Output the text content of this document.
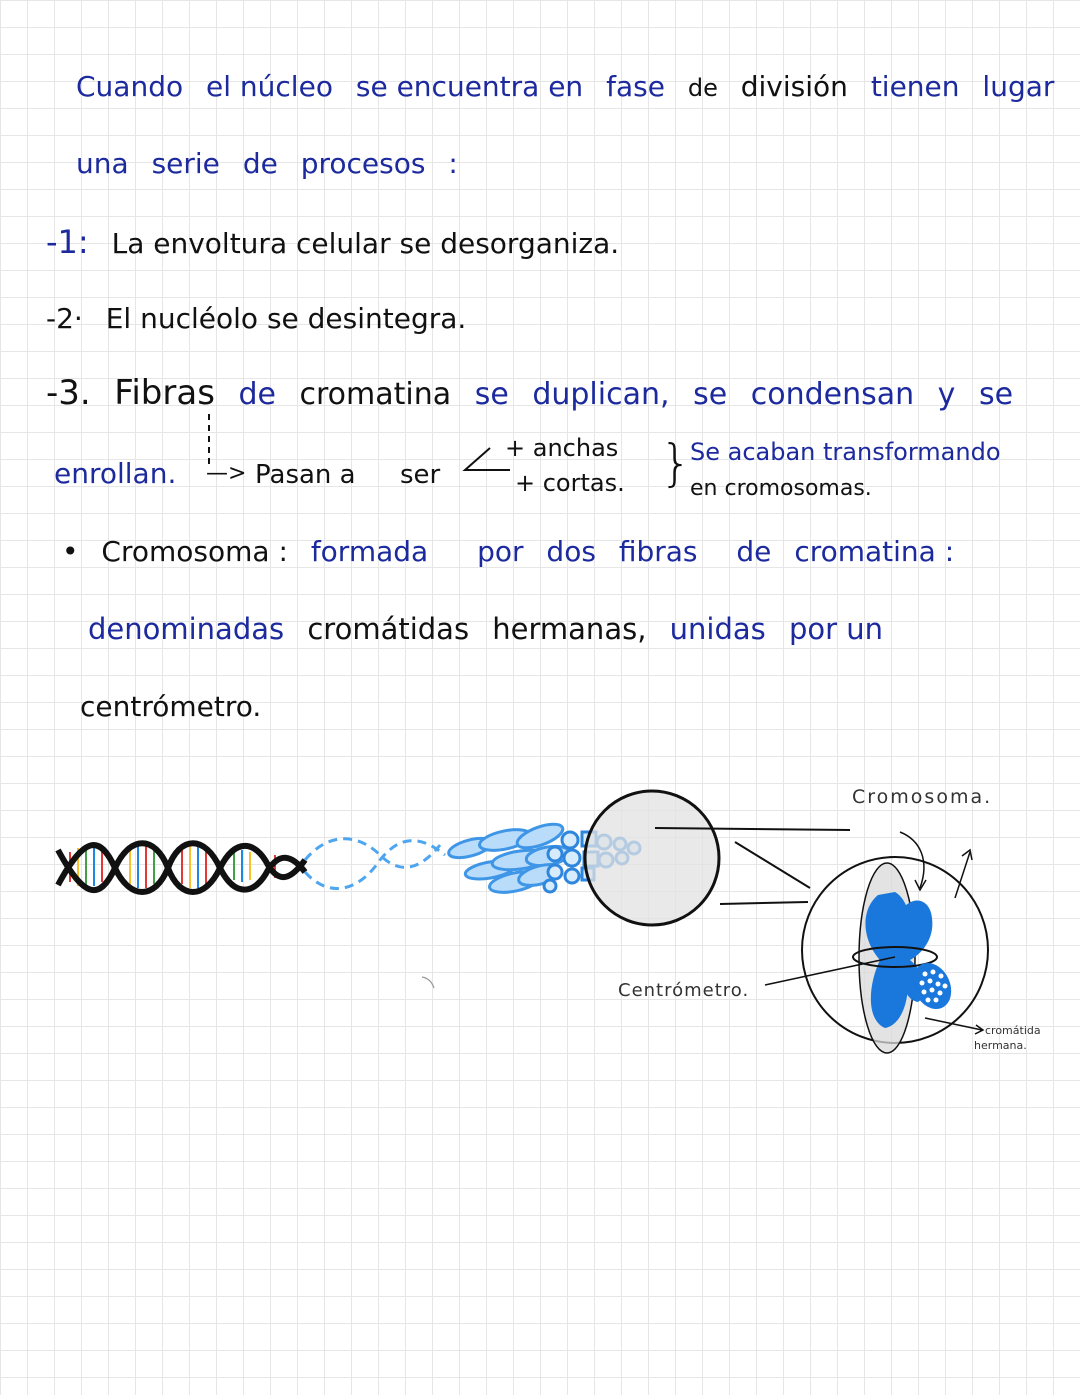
Cuando el núcleo se encuentra en fase de división tienen lugar
una serie de procesos :
-1: La envoltura celular se desorganiza.
-2· El nucléolo se desintegra.
-3. Fibras de cromatina se duplican, se condensan y se
enrollan. —> Pasan a ser
+ anchas
+ cortas. }
Se acaban transformando
en cromosomas.
• Cromosoma : formada por dos fibras de cromatina :
denominadas cromátidas hermanas, unidas por un
centrómetro.
Cromosoma.
Centrómetro.
cromátida
hermana.
